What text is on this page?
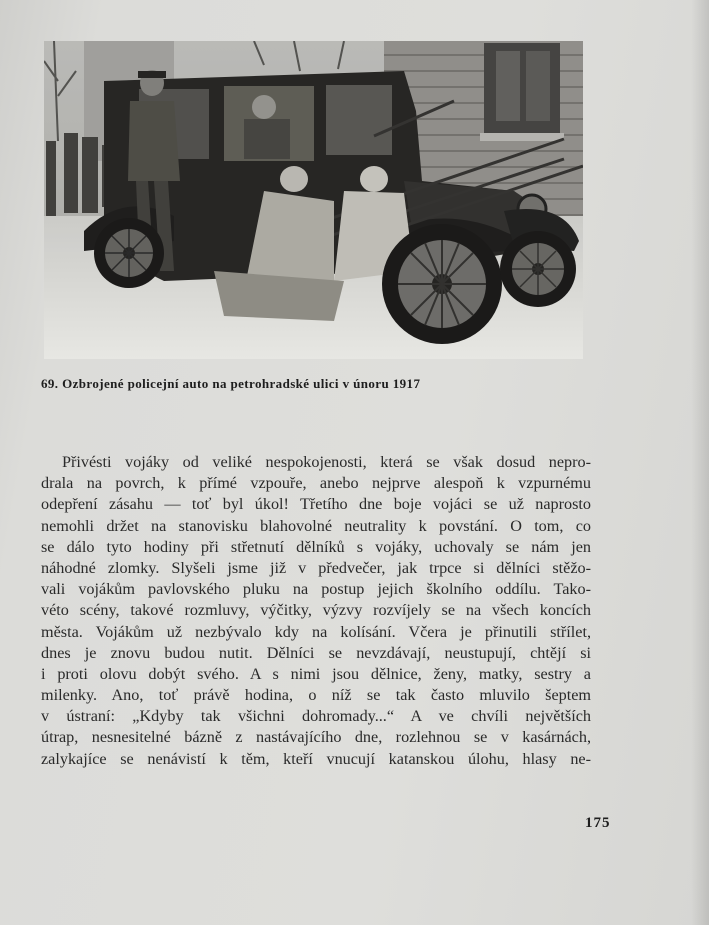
69. Ozbrojené policejní auto na petrohradské ulici v únoru 1917
Přivésti vojáky od veliké nespokojenosti, která se však dosud nepro-
drala na povrch, k přímé vzpouře, anebo nejprve alespoň k vzpurnému
odepření zásahu — toť byl úkol! Třetího dne boje vojáci se už naprosto
nemohli držet na stanovisku blahovolné neutrality k povstání. O tom, co
se dálo tyto hodiny při střetnutí dělníků s vojáky, uchovaly se nám jen
náhodné zlomky. Slyšeli jsme již v předvečer, jak trpce si dělníci stěžo-
vali vojákům pavlovského pluku na postup jejich školního oddílu. Tako-
véto scény, takové rozmluvy, výčitky, výzvy rozvíjely se na všech koncích
města. Vojákům už nezbývalo kdy na kolísání. Včera je přinutili střílet,
dnes je znovu budou nutit. Dělníci se nevzdávají, neustupují, chtějí si
i proti olovu dobýt svého. A s nimi jsou dělnice, ženy, matky, sestry a
milenky. Ano, toť právě hodina, o níž se tak často mluvilo šeptem
v ústraní: „Kdyby tak všichni dohromady...“ A ve chvíli největších
útrap, nesnesitelné bázně z nastávajícího dne, rozlehnou se v kasárnách,
zalykajíce se nenávistí k těm, kteří vnucují katanskou úlohu, hlasy ne-
175
